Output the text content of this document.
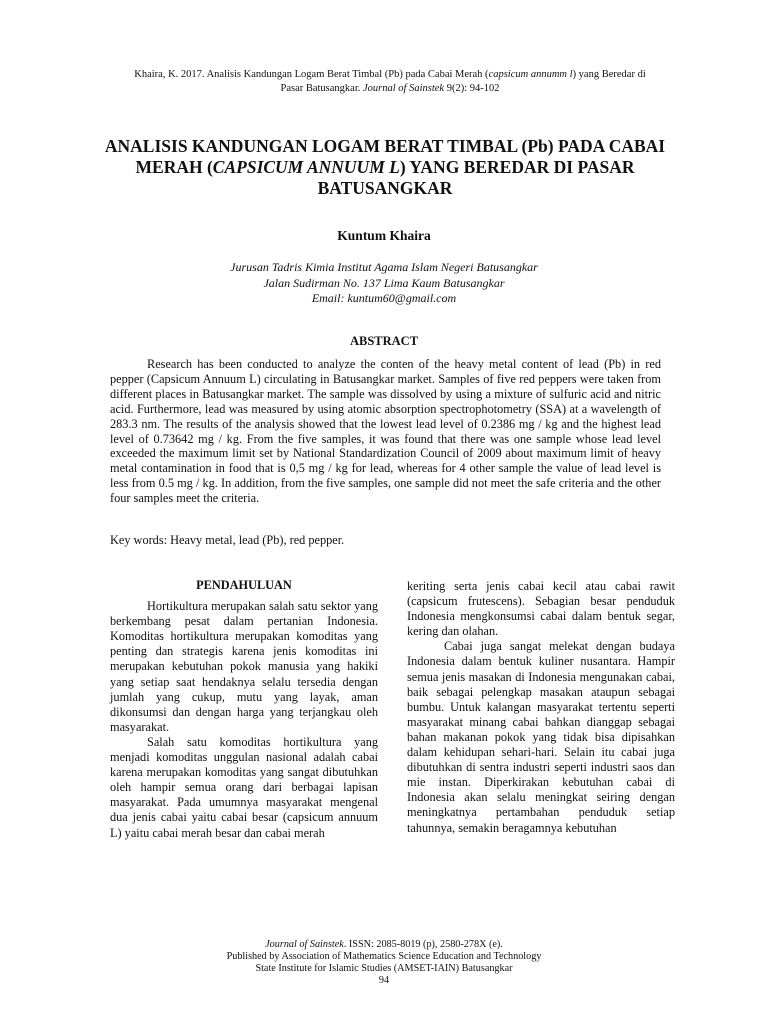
Khaira, K. 2017. Analisis Kandungan Logam Berat Timbal (Pb) pada Cabai Merah (capsicum annumm l) yang Beredar di
Pasar Batusangkar. Journal of Sainstek 9(2): 94-102
ANALISIS KANDUNGAN LOGAM BERAT TIMBAL (Pb) PADA CABAI MERAH (CAPSICUM ANNUUM L) YANG BEREDAR DI PASAR BATUSANGKAR
Kuntum Khaira
Jurusan Tadris Kimia Institut Agama Islam Negeri Batusangkar
Jalan Sudirman No. 137 Lima Kaum Batusangkar
Email: kuntum60@gmail.com
ABSTRACT

Research has been conducted to analyze the conten of the heavy metal content of lead (Pb) in red pepper (Capsicum Annuum L) circulating in Batusangkar market. Samples of five red peppers were taken from different places in Batusangkar market. The sample was dissolved by using a mixture of sulfuric acid and nitric acid. Furthermore, lead was measured by using atomic absorption spectrophotometry (SSA) at a wavelength of 283.3 nm. The results of the analysis showed that the lowest lead level of 0.2386 mg / kg and the highest lead level of 0.73642 mg / kg. From the five samples, it was found that there was one sample whose lead level exceeded the maximum limit set by National Standardization Council of 2009 about maximum limit of heavy metal contamination in food that is 0,5 mg / kg for lead, whereas for 4 other sample the value of lead level is less from 0.5 mg / kg. In addition, from the five samples, one sample did not meet the safe criteria and the other four samples meet the criteria.

Key words: Heavy metal, lead (Pb), red pepper.
PENDAHULUAN

Hortikultura merupakan salah satu sektor yang berkembang pesat dalam pertanian Indonesia. Komoditas hortikultura merupakan komoditas yang penting dan strategis karena jenis komoditas ini merupakan kebutuhan pokok manusia yang hakiki yang setiap saat hendaknya selalu tersedia dengan jumlah yang cukup, mutu yang layak, aman dikonsumsi dan dengan harga yang terjangkau oleh masyarakat.

Salah satu komoditas hortikultura yang menjadi komoditas unggulan nasional adalah cabai karena merupakan komoditas yang sangat dibutuhkan oleh hampir semua orang dari berbagai lapisan masyarakat. Pada umumnya masyarakat mengenal dua jenis cabai yaitu cabai besar (capsicum annuum L) yaitu cabai merah besar dan cabai merah

keriting serta jenis cabai kecil atau cabai rawit (capsicum frutescens). Sebagian besar penduduk Indonesia mengkonsumsi cabai dalam bentuk segar, kering dan olahan.

Cabai juga sangat melekat dengan budaya Indonesia dalam bentuk kuliner nusantara. Hampir semua jenis masakan di Indonesia mengunakan cabai, baik sebagai pelengkap masakan ataupun sebagai bumbu. Untuk kalangan masyarakat tertentu seperti masyarakat minang cabai bahkan dianggap sebagai bahan makanan pokok yang tidak bisa dipisahkan dalam kehidupan sehari-hari. Selain itu cabai juga dibutuhkan di sentra industri seperti industri saos dan mie instan. Diperkirakan kebutuhan cabai di Indonesia akan selalu meningkat seiring dengan meningkatnya pertambahan penduduk setiap tahunnya, semakin beragamnya kebutuhan

Journal of Sainstek. ISSN: 2085-8019 (p), 2580-278X (e).
Published by Association of Mathematics Science Education and Technology
State Institute for Islamic Studies (AMSET-IAIN) Batusangkar
94
